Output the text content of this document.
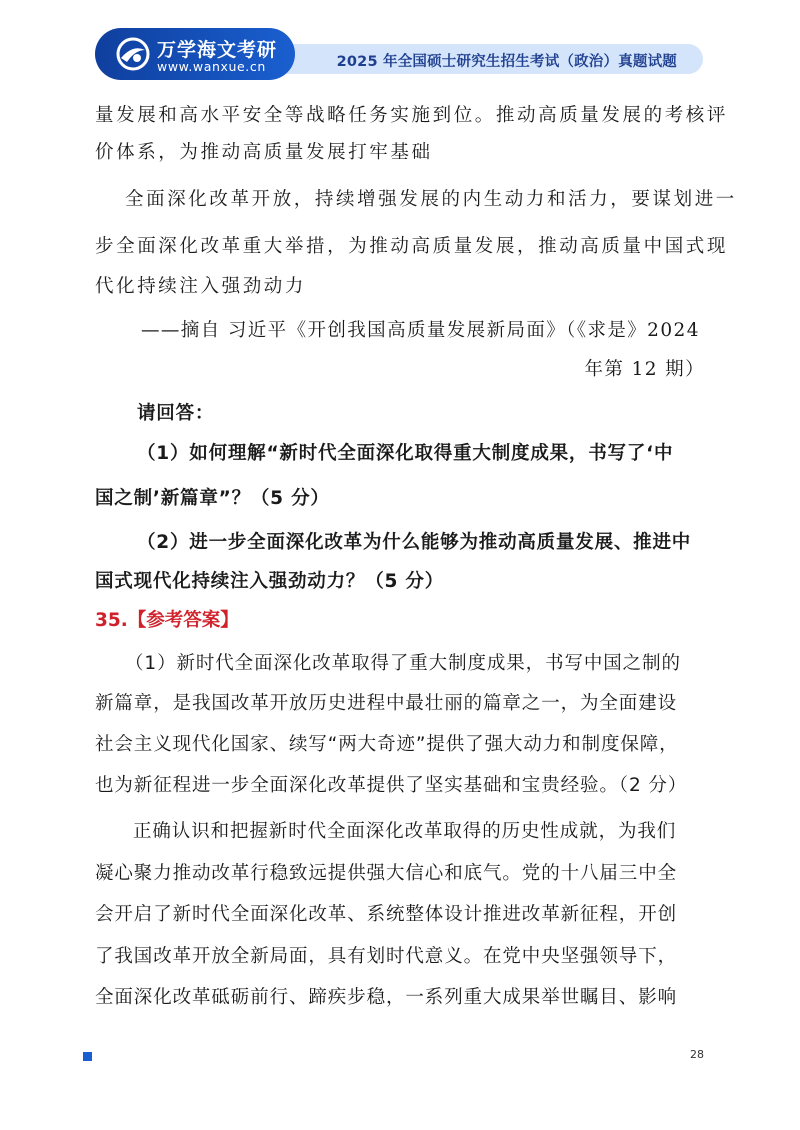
2025 年全国硕士研究生招生考试（政治）真题试题
万学海文考研
www.wanxue.cn
量发展和高水平安全等战略任务实施到位。推动高质量发展的考核评
价体系，为推动高质量发展打牢基础
全面深化改革开放，持续增强发展的内生动力和活力，要谋划进一
步全面深化改革重大举措，为推动高质量发展，推动高质量中国式现
代化持续注入强劲动力
——摘自 习近平《开创我国高质量发展新局面》（《求是》2024
年第 12 期）
请回答：
（1）如何理解“新时代全面深化取得重大制度成果，书写了‘中
国之制’新篇章”？（5 分）
（2）进一步全面深化改革为什么能够为推动高质量发展、推进中
国式现代化持续注入强劲动力？（5 分）
35.【参考答案】
（1）新时代全面深化改革取得了重大制度成果，书写中国之制的
新篇章，是我国改革开放历史进程中最壮丽的篇章之一，为全面建设
社会主义现代化国家、续写“两大奇迹”提供了强大动力和制度保障，
也为新征程进一步全面深化改革提供了坚实基础和宝贵经验。（2 分）
正确认识和把握新时代全面深化改革取得的历史性成就，为我们
凝心聚力推动改革行稳致远提供强大信心和底气。党的十八届三中全
会开启了新时代全面深化改革、系统整体设计推进改革新征程，开创
了我国改革开放全新局面，具有划时代意义。在党中央坚强领导下，
全面深化改革砥砺前行、蹄疾步稳，一系列重大成果举世瞩目、影响
28
